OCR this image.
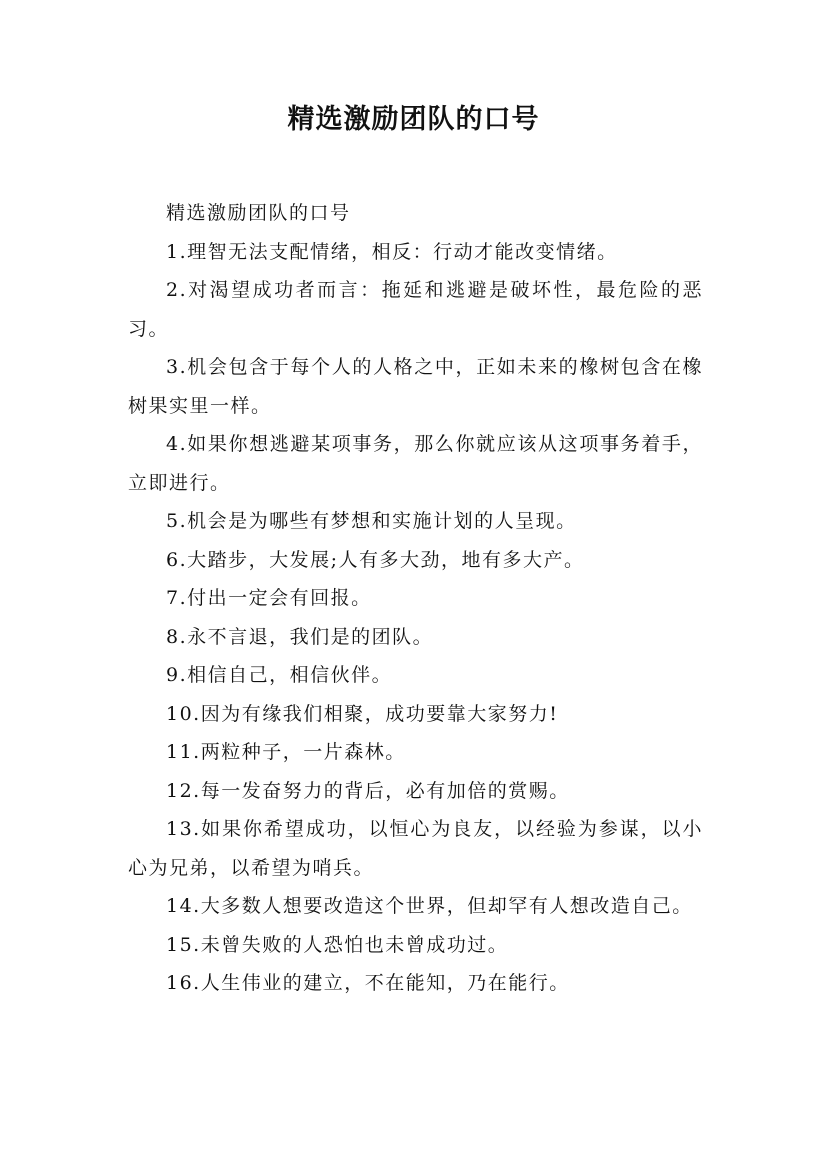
精选激励团队的口号

精选激励团队的口号

1.理智无法支配情绪，相反：行动才能改变情绪。

2.对渴望成功者而言：拖延和逃避是破坏性，最危险的恶习。

3.机会包含于每个人的人格之中，正如未来的橡树包含在橡树果实里一样。

4.如果你想逃避某项事务，那么你就应该从这项事务着手，立即进行。

5.机会是为哪些有梦想和实施计划的人呈现。

6.大踏步，大发展;人有多大劲，地有多大产。

7.付出一定会有回报。

8.永不言退，我们是的团队。

9.相信自己，相信伙伴。

10.因为有缘我们相聚，成功要靠大家努力!

11.两粒种子，一片森林。

12.每一发奋努力的背后，必有加倍的赏赐。

13.如果你希望成功，以恒心为良友，以经验为参谋，以小心为兄弟，以希望为哨兵。

14.大多数人想要改造这个世界，但却罕有人想改造自己。

15.未曾失败的人恐怕也未曾成功过。

16.人生伟业的建立，不在能知，乃在能行。
